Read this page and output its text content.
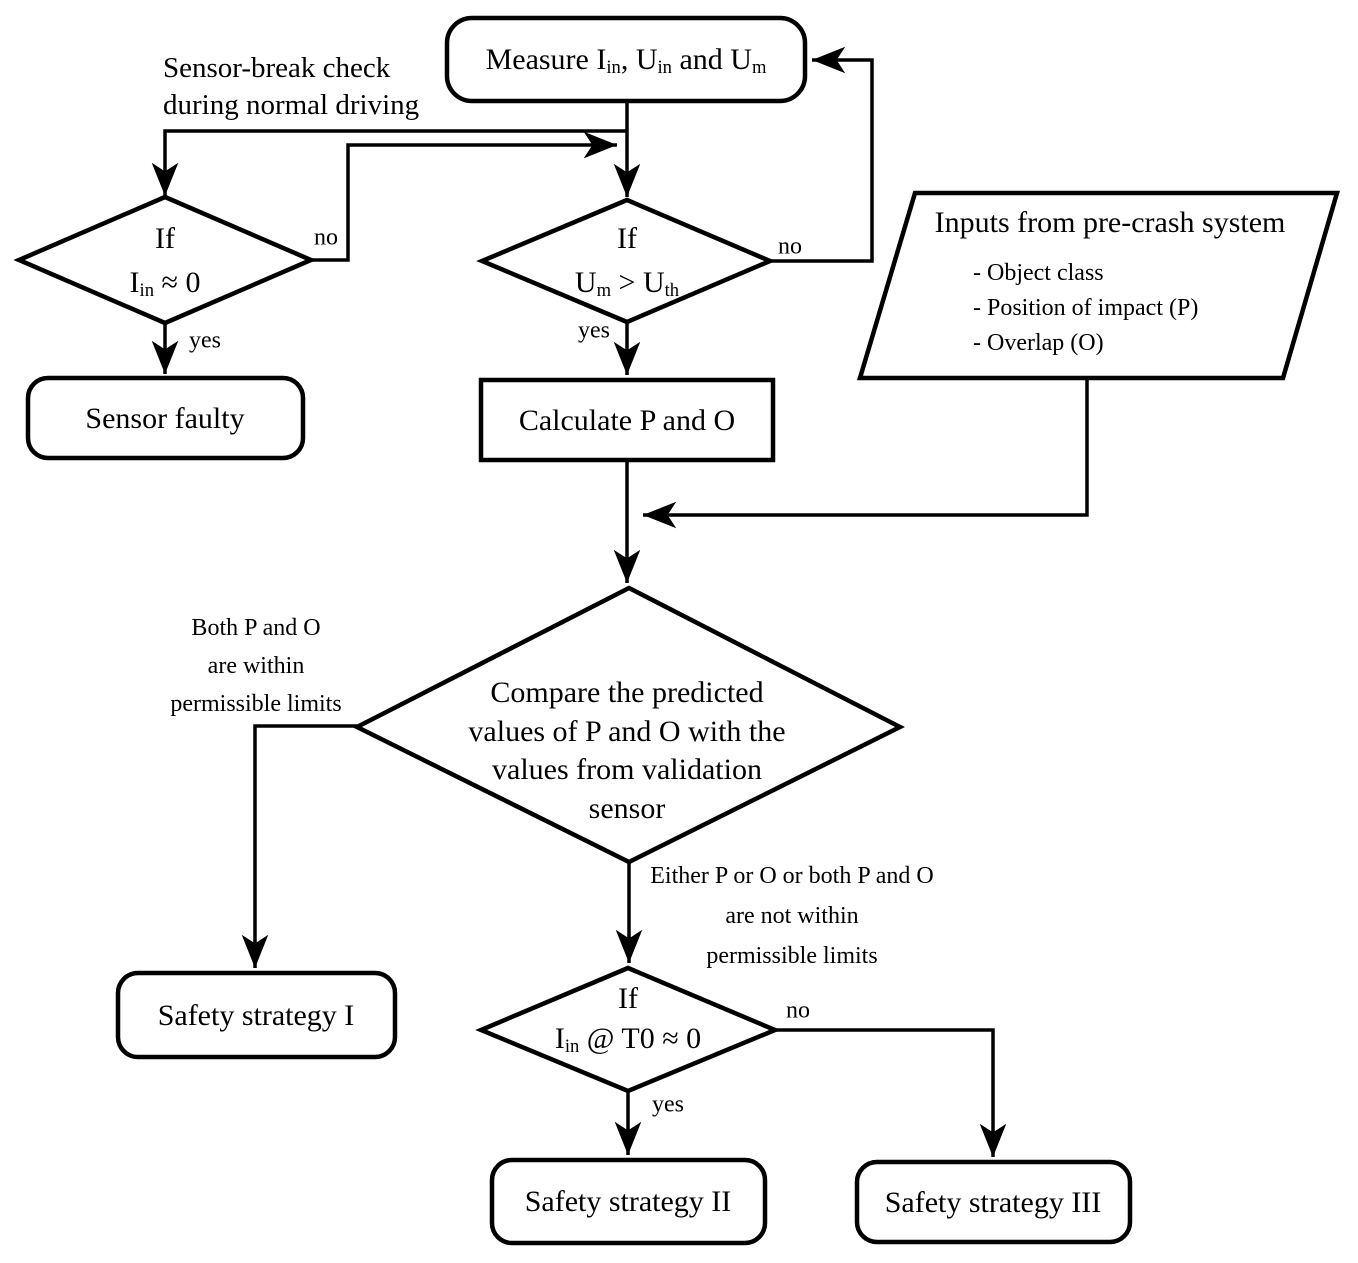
Measure $I_{in}$, $U_{in}$ and $U_m$
Sensor-break check
during normal driving
If
$I_{in} \approx 0$
If
$U_m > U_{th}$
Sensor faulty	Calculate P and O
Inputs from pre-crash system
- Object class
- Position of impact (P)
- Overlap (O)
Compare the predicted
values of P and O with the
values from validation
sensor
Both P and O
are within
permissible limits
Either P or O or both P and O
are not within
permissible limits
If
$I_{in}$ @ T0 ≈ 0
Safety strategy I
Safety strategy II	Safety strategy III
no
yes
no
yes
no
yes
